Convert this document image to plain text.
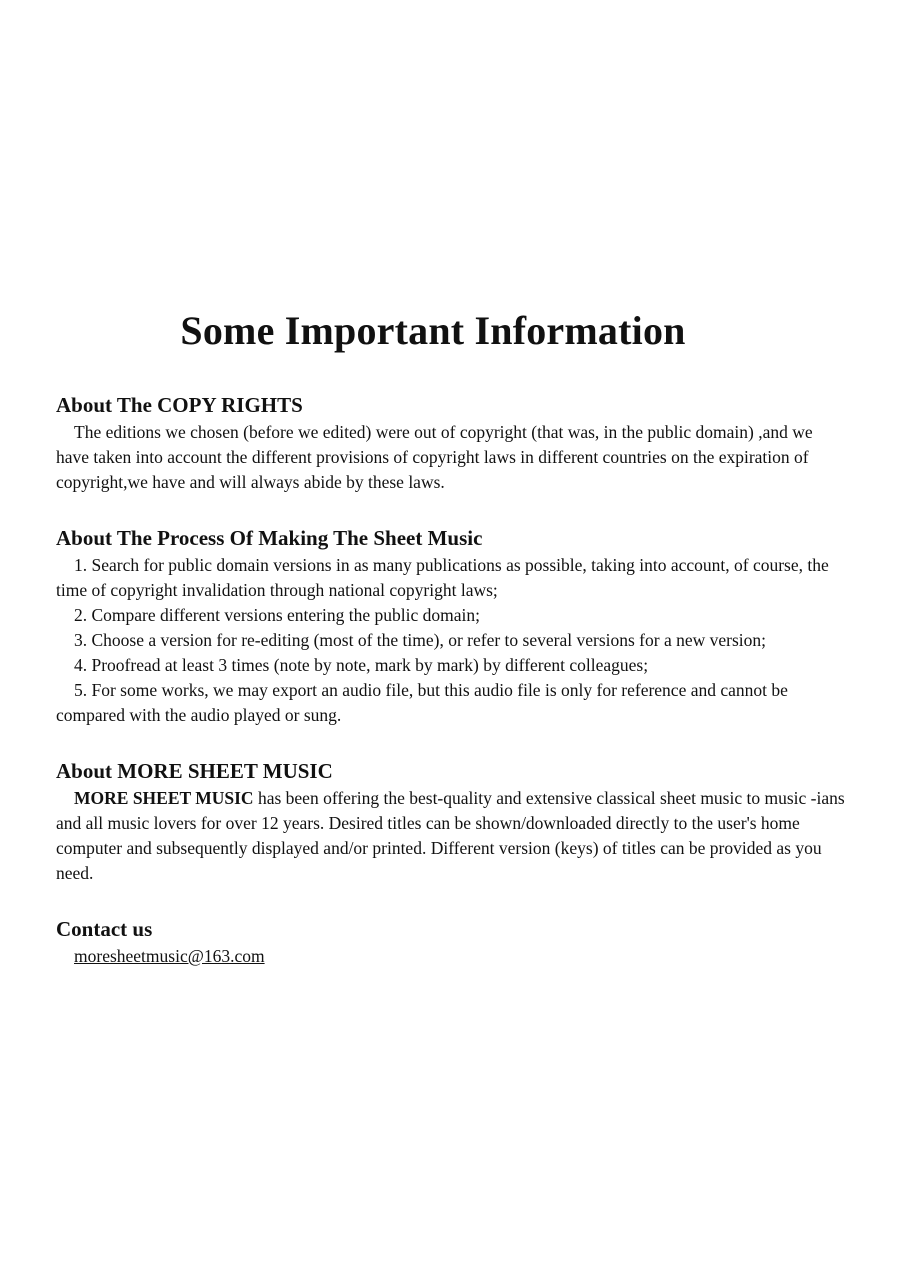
Some Important Information
About The COPY RIGHTS

The editions we chosen (before we edited) were out of copyright (that was, in the public domain) ,and we have taken into account the different provisions of copyright laws in different countries on the expiration of copyright,we have and will always abide by these laws.

About The Process Of Making The Sheet Music

1. Search for public domain versions in as many publications as possible, taking into account, of course, the time of copyright invalidation through national copyright laws;

2. Compare different versions entering the public domain;

3. Choose a version for re-editing (most of the time), or refer to several versions for a new version;

4. Proofread at least 3 times (note by note, mark by mark) by different colleagues;

5. For some works, we may export an audio file, but this audio file is only for reference and cannot be compared with the audio played or sung.

About MORE SHEET MUSIC

MORE SHEET MUSIC has been offering the best-quality and extensive classical sheet music to music -ians and all music lovers for over 12 years. Desired titles can be shown/downloaded directly to the user's home computer and subsequently displayed and/or printed. Different version (keys) of titles can be provided as you need.

Contact us

moresheetmusic@163.com
